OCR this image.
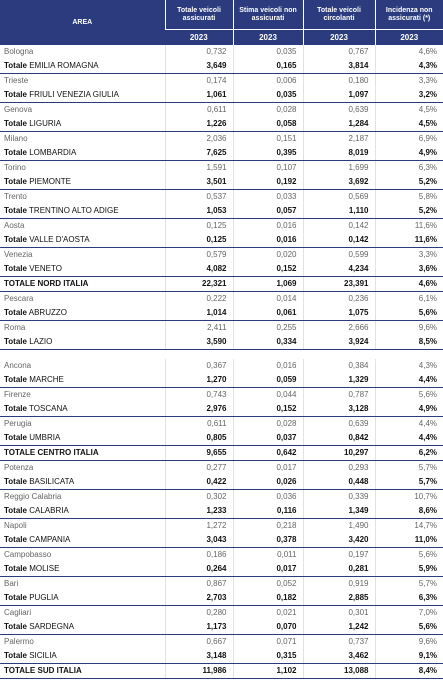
AREA	Totale veicoli assicurati	Stima veicoli non assicurati	Totale veicoli circolanti	Incidenza non assicurati (*)
	2023	2023	2023	2023
Bologna	0,732	0,035	0,767	4,6%
Totale EMILIA ROMAGNA	3,649	0,165	3,814	4,3%
Trieste	0,174	0,006	0,180	3,3%
Totale FRIULI VENEZIA GIULIA	1,061	0,035	1,097	3,2%
Genova	0,611	0,028	0,639	4,5%
Totale LIGURIA	1,226	0,058	1,284	4,5%
Milano	2,036	0,151	2,187	6,9%
Totale LOMBARDIA	7,625	0,395	8,019	4,9%
Torino	1,591	0,107	1,699	6,3%
Totale PIEMONTE	3,501	0,192	3,692	5,2%
Trento	0,537	0,033	0,569	5,8%
Totale TRENTINO ALTO ADIGE	1,053	0,057	1,110	5,2%
Aosta	0,125	0,016	0,142	11,6%
Totale VALLE D'AOSTA	0,125	0,016	0,142	11,6%
Venezia	0,579	0,020	0,599	3,3%
Totale VENETO	4,082	0,152	4,234	3,6%
TOTALE NORD ITALIA	22,321	1,069	23,391	4,6%
Pescara	0,222	0,014	0,236	6,1%
Totale ABRUZZO	1,014	0,061	1,075	5,6%
Roma	2,411	0,255	2,666	9,6%
Totale LAZIO	3,590	0,334	3,924	8,5%

Ancona	0,367	0,016	0,384	4,3%
Totale MARCHE	1,270	0,059	1,329	4,4%
Firenze	0,743	0,044	0,787	5,6%
Totale TOSCANA	2,976	0,152	3,128	4,9%
Perugia	0,611	0,028	0,639	4,4%
Totale UMBRIA	0,805	0,037	0,842	4,4%
TOTALE CENTRO ITALIA	9,655	0,642	10,297	6,2%
Potenza	0,277	0,017	0,293	5,7%
Totale BASILICATA	0,422	0,026	0,448	5,7%
Reggio Calabria	0,302	0,036	0,339	10,7%
Totale CALABRIA	1,233	0,116	1,349	8,6%
Napoli	1,272	0,218	1,490	14,7%
Totale CAMPANIA	3,043	0,378	3,420	11,0%
Campobasso	0,186	0,011	0,197	5,6%
Totale MOLISE	0,264	0,017	0,281	5,9%
Bari	0,867	0,052	0,919	5,7%
Totale PUGLIA	2,703	0,182	2,885	6,3%
Cagliari	0,280	0,021	0,301	7,0%
Totale SARDEGNA	1,173	0,070	1,242	5,6%
Palermo	0,667	0,071	0,737	9,6%
Totale SICILIA	3,148	0,315	3,462	9,1%
TOTALE SUD ITALIA	11,986	1,102	13,088	8,4%
